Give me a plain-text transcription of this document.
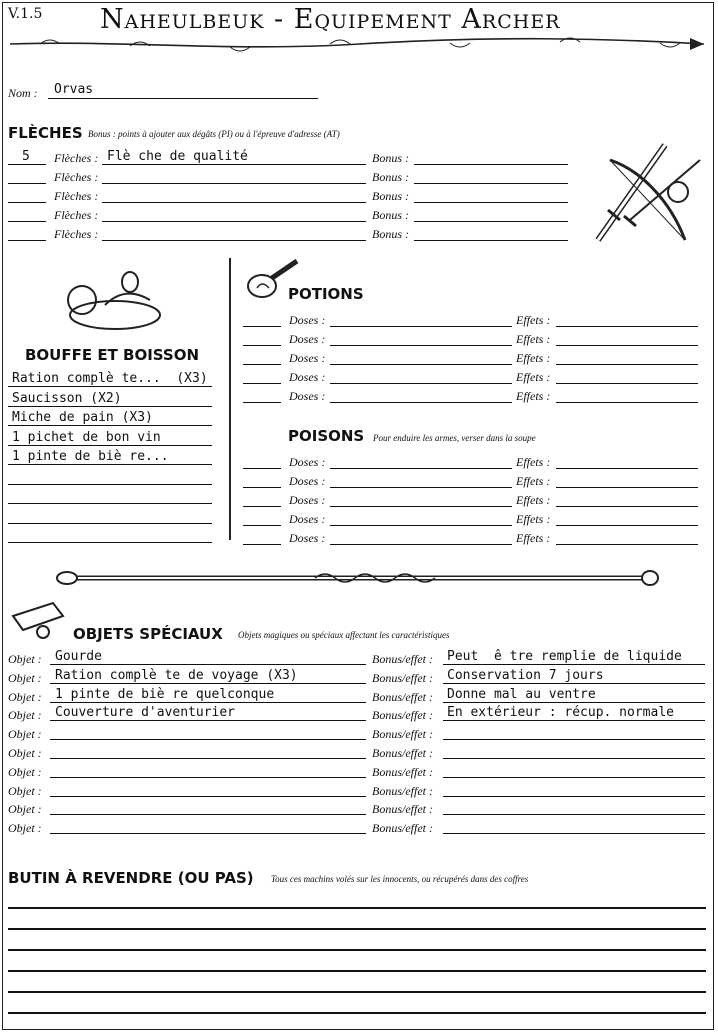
V.1.5 Naheulbeuk - Equipement Archer
Nom : Orvas
FLÈCHES Bonus : points à ajouter aux dégâts (PI) ou à l'épreuve d'adresse (AT)
5 Flèches : Flè che de qualité	Bonus :
Flèches :	Bonus :
Flèches :	Bonus :
Flèches :	Bonus :
Flèches :	Bonus :
BOUFFE ET BOISSON
Ration complè te...  (X3)
Saucisson (X2)
Miche de pain (X3)
1 pichet de bon vin
1 pinte de biè re...
POTIONS
Doses :	Effets :
Doses :	Effets :
Doses :	Effets :
Doses :	Effets :
Doses :	Effets :
POISONS Pour enduire les armes, verser dans la soupe
Doses :	Effets :
Doses :	Effets :
Doses :	Effets :
Doses :	Effets :
Doses :	Effets :
OBJETS SPÉCIAUX Objets magiques ou spéciaux affectant les caractéristiques
Objet : Gourde	Bonus/effet : Peut  ê tre remplie de liquide
Objet : Ration complè te de voyage (X3)	Bonus/effet : Conservation 7 jours
Objet : 1 pinte de biè re quelconque	Bonus/effet : Donne mal au ventre
Objet : Couverture d'aventurier	Bonus/effet : En extérieur : récup. normale
Objet :	Bonus/effet :
Objet :	Bonus/effet :
Objet :	Bonus/effet :
Objet :	Bonus/effet :
Objet :	Bonus/effet :
Objet :	Bonus/effet :
BUTIN À REVENDRE (OU PAS) Tous ces machins volés sur les innocents, ou récupérés dans des coffres
